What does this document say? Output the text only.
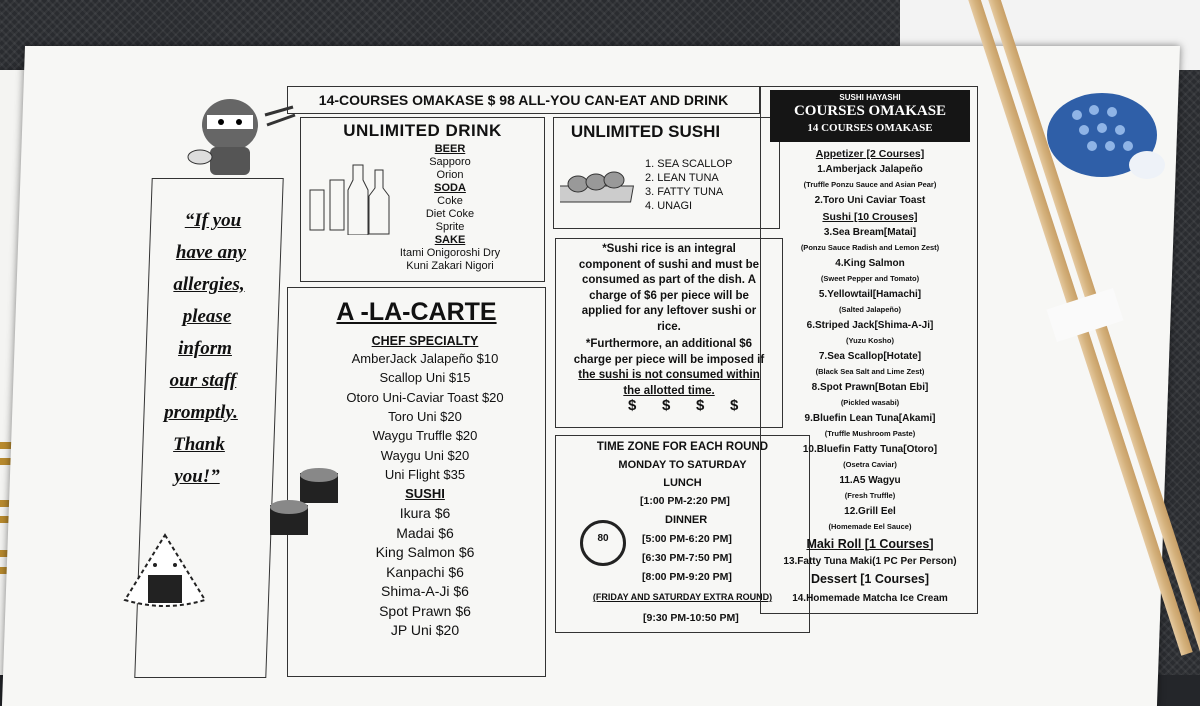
14-COURSES OMAKASE $ 98 ALL-YOU CAN-EAT AND DRINK
“If you
have any
allergies,
please
inform
our staff
promptly.
Thank
you!”
UNLIMITED DRINK
BEER
Sapporo
Orion
SODA
Coke
Diet Coke
Sprite
SAKE
Itami Onigoroshi Dry
Kuni Zakari Nigori
UNLIMITED SUSHI
1. SEA SCALLOP
2. LEAN TUNA
3. FATTY TUNA
4. UNAGI
*Sushi rice is an integral
component of sushi and must be
consumed as part of the dish. A
charge of $6 per piece will be
applied for any leftover sushi or
rice.
*Furthermore, an additional $6
charge per piece will be imposed if
the sushi is not consumed within
the allotted time.
$ $ $ $
A -LA-CARTE
CHEF SPECIALTY
AmberJack Jalapeño $10
Scallop Uni $15
Otoro Uni-Caviar Toast $20
Toro Uni $20
Waygu Truffle $20
Waygu Uni $20
Uni Flight $35
SUSHI
Ikura $6
Madai $6
King Salmon $6
Kanpachi $6
Shima-A-Ji $6
Spot Prawn $6
JP Uni $20
TIME ZONE FOR EACH ROUND
MONDAY TO SATURDAY
LUNCH
[1:00 PM-2:20 PM]
DINNER
[5:00 PM-6:20 PM]
[6:30 PM-7:50 PM]
[8:00 PM-9:20 PM]
(FRIDAY AND SATURDAY EXTRA ROUND)
[9:30 PM-10:50 PM]
80
SUSHI HAYASHI
COURSES OMAKASE
14 COURSES OMAKASE
Appetizer [2 Courses]
1.Amberjack Jalapeño
(Truffle Ponzu Sauce and Asian Pear)
2.Toro Uni Caviar Toast
Sushi [10 Crouses]
3.Sea Bream[Matai]
(Ponzu Sauce Radish and Lemon Zest)
4.King Salmon
(Sweet Pepper and Tomato)
5.Yellowtail[Hamachi]
(Salted Jalapeño)
6.Striped Jack[Shima-A-Ji]
(Yuzu Kosho)
7.Sea Scallop[Hotate]
(Black Sea Salt and Lime Zest)
8.Spot Prawn[Botan Ebi]
(Pickled wasabi)
9.Bluefin Lean Tuna[Akami]
(Truffle Mushroom Paste)
10.Bluefin Fatty Tuna[Otoro]
(Osetra Caviar)
11.A5 Wagyu
(Fresh Truffle)
12.Grill Eel
(Homemade Eel Sauce)
Maki Roll [1 Courses]
13.Fatty Tuna Maki(1 PC Per Person)
Dessert [1 Courses]
14.Homemade Matcha Ice Cream
